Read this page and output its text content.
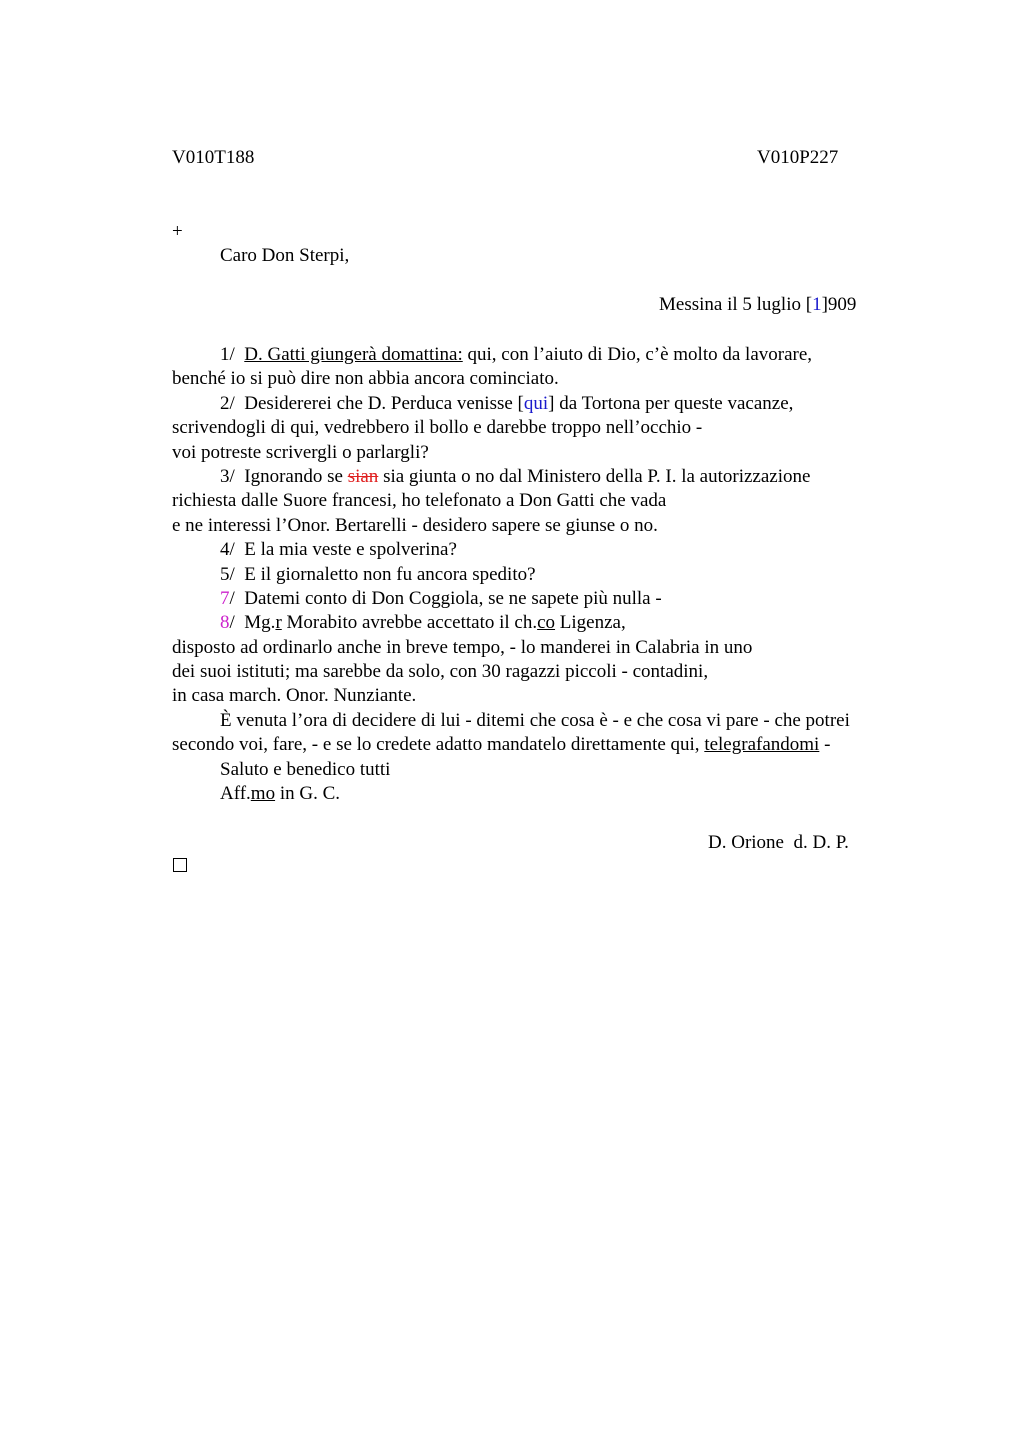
V010T188	V010P227
+
Caro Don Sterpi,
Messina il 5 luglio [1]909
1/ D. Gatti giungerà domattina: qui, con l’aiuto di Dio, c’è molto da lavorare,
benché io si può dire non abbia ancora cominciato.
2/ Desidererei che D. Perduca venisse [qui] da Tortona per queste vacanze,
scrivendogli di qui, vedrebbero il bollo e darebbe troppo nell’occhio -
voi potreste scrivergli o parlargli?
3/ Ignorando se sian sia giunta o no dal Ministero della P. I. la autorizzazione
richiesta dalle Suore francesi, ho telefonato a Don Gatti che vada
e ne interessi l’Onor. Bertarelli - desidero sapere se giunse o no.
4/ E la mia veste e spolverina?
5/ E il giornaletto non fu ancora spedito?
7/ Datemi conto di Don Coggiola, se ne sapete più nulla -
8/ Mg.r Morabito avrebbe accettato il ch.co Ligenza,
disposto ad ordinarlo anche in breve tempo, - lo manderei in Calabria in uno
dei suoi istituti; ma sarebbe da solo, con 30 ragazzi piccoli - contadini,
in casa march. Onor. Nunziante.
È venuta l’ora di decidere di lui - ditemi che cosa è - e che cosa vi pare - che potrei
secondo voi, fare, - e se lo credete adatto mandatelo direttamente qui, telegrafandomi -
Saluto e benedico tutti
Aff.mo in G. C.
D. Orione  d. D. P.
